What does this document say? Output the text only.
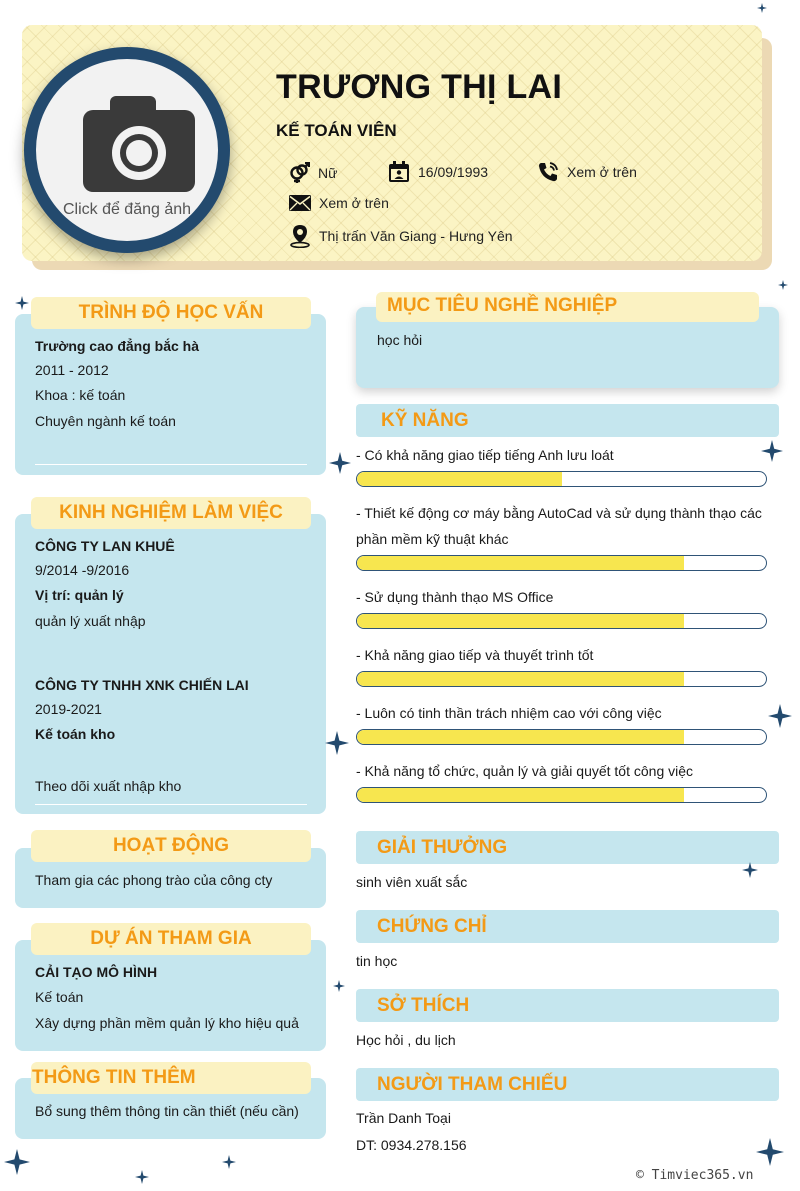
Click để đăng ảnh
TRƯƠNG THỊ LAI
KẾ TOÁN VIÊN
Nữ	16/09/1993	Xem ở trên
Xem ở trên
Thị trấn Văn Giang - Hưng Yên
TRÌNH ĐỘ HỌC VẤN
Trường cao đẳng bắc hà
2011 - 2012
Khoa : kế toán
Chuyên ngành kế toán
KINH NGHIỆM LÀM VIỆC
CÔNG TY LAN KHUÊ
9/2014 -9/2016
Vị trí: quản lý
quản lý xuất nhập
CÔNG TY TNHH XNK CHIẾN LAI
2019-2021
Kế toán kho
Theo dõi xuất nhập kho
HOẠT ĐỘNG
Tham gia các phong trào của công cty
DỰ ÁN THAM GIA
CẢI TẠO MÔ HÌNH
Kế toán
Xây dựng phần mềm quản lý kho hiệu quả
THÔNG TIN THÊM
Bổ sung thêm thông tin cần thiết (nếu cần)
MỤC TIÊU NGHỀ NGHIỆP
học hỏi
KỸ NĂNG
- Có khả năng giao tiếp tiếng Anh lưu loát
- Thiết kế động cơ máy bằng AutoCad và sử dụng thành thạo các
phần mềm kỹ thuật khác
- Sử dụng thành thạo MS Office
- Khả năng giao tiếp và thuyết trình tốt
- Luôn có tinh thần trách nhiệm cao với công việc
- Khả năng tổ chức, quản lý và giải quyết tốt công việc
GIẢI THƯỞNG
sinh viên xuất sắc
CHỨNG CHỈ
tin học
SỞ THÍCH
Học hỏi , du lịch
NGƯỜI THAM CHIẾU
Trần Danh Toại
DT: 0934.278.156
© Timviec365.vn
